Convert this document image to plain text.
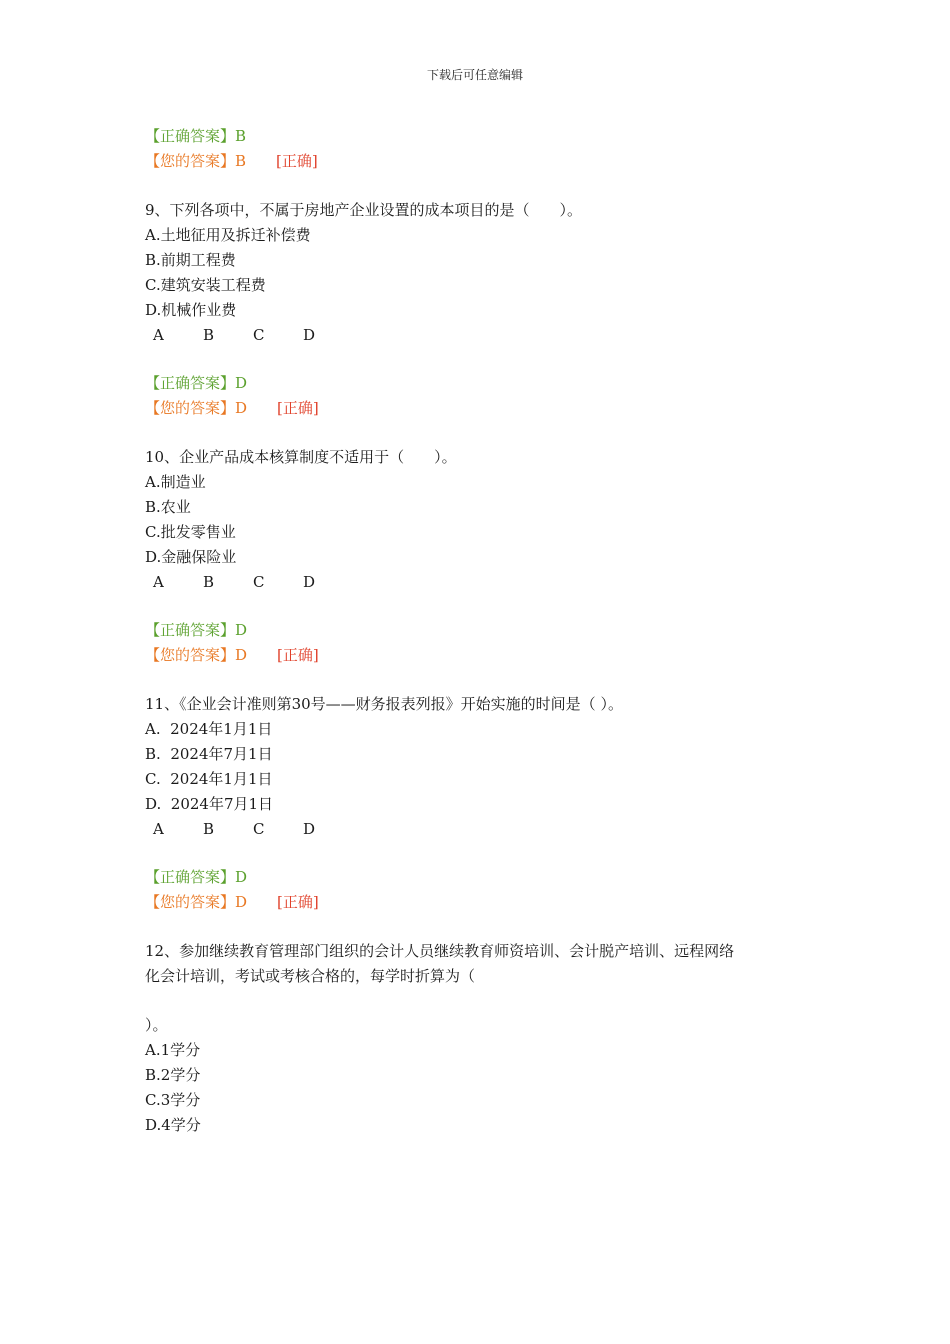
下载后可任意编辑
【正确答案】B
【您的答案】B [正确]
9、下列各项中，不属于房地产企业设置的成本项目的是（　　）。
A.土地征用及拆迁补偿费
B.前期工程费
C.建筑安装工程费
D.机械作业费
A	B	C	D
【正确答案】D
【您的答案】D [正确]
10、企业产品成本核算制度不适用于（　　）。
A.制造业
B.农业
C.批发零售业
D.金融保险业
A	B	C	D
【正确答案】D
【您的答案】D [正确]
11、《企业会计准则第30号——财务报表列报》开始实施的时间是（ ）。
A.  2024年1月1日
B.  2024年7月1日
C.  2024年1月1日
D.  2024年7月1日
A	B	C	D
【正确答案】D
【您的答案】D [正确]
12、参加继续教育管理部门组织的会计人员继续教育师资培训、会计脱产培训、远程网络
化会计培训，考试或考核合格的，每学时折算为（
）。
A.1学分
B.2学分
C.3学分
D.4学分
